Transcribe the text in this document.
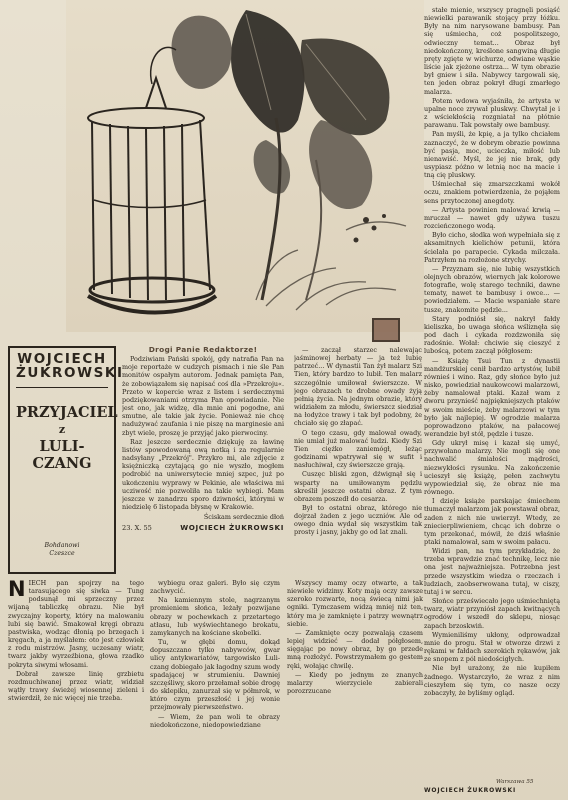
WOJCIECH
ŻUKROWSKI
PRZYJACIEL
z
LULI-
CZANG
Bohdanowi
Czeszce

Drogi Panie Redaktorze!

Podziwiam Pański spokój, gdy natrafia Pan na moje reportaże w cudzych pismach i nie śle Pan monitów ospałym autorom. Jednak pamięta Pan, że zobowiązałem się napisać coś dla »Przekroju«. Przeto w kopercie wraz z listem i serdecznymi podziękowaniami otrzyma Pan opowiadanie. Nie jest ono, jak widzę, dla mnie ani pogodne, ani smutne, ale takie jak życie. Ponieważ nie chcę nadużywać zaufania i nie piszę na marginesie ani zbyt wiele, proszę je przyjąć jako pierwociny.

Raz jeszcze serdecznie dziękuję za ławinę listów spowodowaną ową notką i za regularnie nadsyłany „Przekrój". Przykro mi, ale zdjęcie z księżniczką czytającą go nie wyszło, mogłem podrobić na uniwersytecie mniej szpec, już po ukończeniu wyprawy w Pekinie, ale właściwa mi ucziwość nie pozwoliła na takie wybiegi. Mam jeszcze w zanadrzu sporo dziwności, którymi w niedzielę 6 listopada błysnę w Krakowie.

Ściskam serdecznie dłoń

23. X. 55	WOJCIECH ŻUKROWSKI

— zaczął starzec nalewając jaśminowej herbaty — ja też lubię patrzeć... W dynastii Tan żył malarz Szi Tien, który bardzo to lubił. Ten malarz szczególnie umiłował świerszcze. W jego obrazach te drobne owady żyją pełnią życia. Na jednym obrazie, który widziałem za młodu, świerszcz siedział na łodyżce trawy i tak był podobny, że chciało się go złapać.

O tego czasu, gdy malował owady, nie umiał już malować ludzi. Kiedy Szi Tien ciężko zaniemógł, leżąc godzinami wpatrywał się w sufit i nasłuchiwał, czy świerszcze grają.

Cuszęc bliski zgon, dźwignął się i wsparty na umiłowanym pędzlu skreślił jeszcze ostatni obraz. Z tym obrazem poszedł do cesarza.

Był to ostatni obraz, którego nie dojrzał żaden z jego uczniów. Ale od owego dnia wydał się wszystkim tak prosty i jasny, jakby go od lat znali.

NIECH pan spojrzy na tego tarasującego się siwka — Tung podsunął mi sprzeczny przez wijaną tabliczkę obrazu. Nie był zwyczajny koperty, który na malowaniu lubi się bawić. Smakował kręgi obrazu pastwiska, wodząc dłonią po brzegach i kręgach, a ja myślałem: oto jest człowiek z rodu mistrzów. Jasny, uczesany wiatr, twarz jakby wyrzeźbiona, głowa rzadko pokryta siwymi włosami.

Dobrał zawsze linię grzbietu rozdmuchiwanej przez wiatr, widział wątły trawy świeżej wiosennej zieleni i stwierdził, że nic więcej nie trzeba.

wybiegu oraz galeri. Było się czym zachwycić.

Na kamiennym stole, nagrzanym promieniem słońca, leżały pozwijane obrazy w pochewkach z przetartego atłasu, lub wyświechtanego brokatu, zamykanych na kościane skobelki.

Tu, w głębi domu, dokąd dopuszczano tylko nabywców, gwar ulicy antykwariatów, targowisko Luli-czang dobiegało jak łagodny szum wody spadającej w strumieniu. Dawniej szczęśliwy, skoro przełamał sobie drogę do sklepiku, zanurzał się w półmrok, w któro czym przeszłość i jej wonie przejmowały pierwszeństwo.

— Wiem, że pan woli te obrazy niedokończone, niedopowiedziane

Wszyscy mamy oczy otwarte, a tak niewiele widzimy. Koty mają oczy zawsze szeroko rozwarte, nocą świecą nimi jak ogniki. Tymczasem widzą mniej niż ten, który ma je zamknięte i patrzy wewnątrz siebie.

— Zamknięte oczy pozwalają czasem lepiej widzieć — dodał półgłosem, sięgając po nowy obraz, by go przede mną rozłożyć. Powstrzymałem go gestem ręki, wołając chwilę.

— Kiedy po jednym ze znanych malarzy wierzyciele zabierali porozrzucane

stałe mienie, wszyscy pragnęli posiąść niewielki parawanik stojący przy łóżku. Były na nim narysowane bambusy. Pan się uśmiecha, coż pospolitszego, odwieczny temat... Obraz był niedokończony, kreślone sangwiną długie pręty zgięte w wichurze, odwiane wąskie liście jak zjeżone ostrza... W tym obrazie był gniew i siła. Nabywcy targowali się, ten jeden obraz pokrył długi zmarłego malarza.

Potem wdowa wyjaśniła, że artysta w upalne noce zrywał pluskwy. Chwytał je i z wściekłością rozgniatał na płótnie parawanu. Tak powstały owe bambusy.

Pan myśli, że kpię, a ja tylko chciałem zaznaczyć, że w dobrym obrazie powinna być pasja, moc, ucieczka, miłość lub nienawiść. Myśl, że jej nie brak, gdy usypiasz późno w letnią noc na macie i tną cię pluskwy.

Uśmiechał się zmarszczkami wokół oczu, znakiem potwierdzenia, że pojąłem sens przytoczonej anegdoty.

— Artysta powinien malować krwią — mruczał — nawet gdy używa tuszu rozcieńczonego wodą.

Było cicho, słodka woń wypełniała się z aksamitnych kielichów petunii, która ścielała po parapecie. Cykada milczała. Patrzyłem na rozłożone strychy.

— Przyznam się, nie lubię wszystkich olejnych obrazów, wiernych jak kolorowe fotografie, wolę starego techniki, dawne tematy, nawet te bambusy i owce... — powiedziałem. — Macie wspaniałe stare tusze, znakomite pędzle...

Stary podniósł się, nakrył fałdy kieliszka, bo uwaga słońca wśliznęła się pod dach i cykada rozdzwoniła się radośnie. Wołał: chciwie się cieszyć z luboścą, potem zaczął półgłosem:

— Książę Tsui Tun z dynastii mandżurskiej cenił bardzo artystów, lubił równieś i wino. Raz, gdy słońce było już nisko, powiedział naukowcowi malarzowi, żeby namalował ptaki. Kazał wam z dworu przynieść najpiękniejszych ptaków w swoim mieście, żeby malarzowi w tym było jak najlepiej. W ogrodzie malarza poprowadzono ptaków, na pałacowej werandzie był stół, pędzle i tusze.

Gdy ukrył misę i kazał się umyć, przywołano malarzy. Nie mogli się one nachwalić śmiałości mądrości, niezwykłości rysunku. Na zakończenie ucieszył się książę, pełen zachwytu wypowiedział się, że obraz nie ma równego.

I dzieje książe parskając śmiechem tłumaczył malarzom jak powstawał obraz, zaden z nich nie uwierzył. Wtedy, ze zniecierpliwieniem, chcąc ich dobrze o tym przekonać, mówił, że dziś właśnie ptaki namalował, sam w swoim pałacu.

Widzi pan, na tym przykładzie, że trzeba wprawdzie znać technikę, lecz nie ona jest najważniejsza. Potrzebna jest przede wszystkim wiedza o rzeczach i ludziach, zaobserwowana tutaj, w ciszy, tutaj i w sercu.

Słońce przeświecało jego uśmiechniętą twarz, wiatr przyniósł zapach kwitnących ogrodów i wszedł do sklepu, niosąc zapach brzoskwiń.

Wymieniliśmy ukłony, odprowadzał mnie do progu. Stał w otworze drzwi z rękami w fałdach szerokich rękawów, jak ze snopem z pól niedościgłych.

Nie był urażony, że nie kupiłem żadnego. Wystarczyło, że wraz z nim cieszyłem się tym, co nasze oczy zobaczyły, że byliśmy ogląd.

Warszawa 55
WOJCIECH ŻUKROWSKI
